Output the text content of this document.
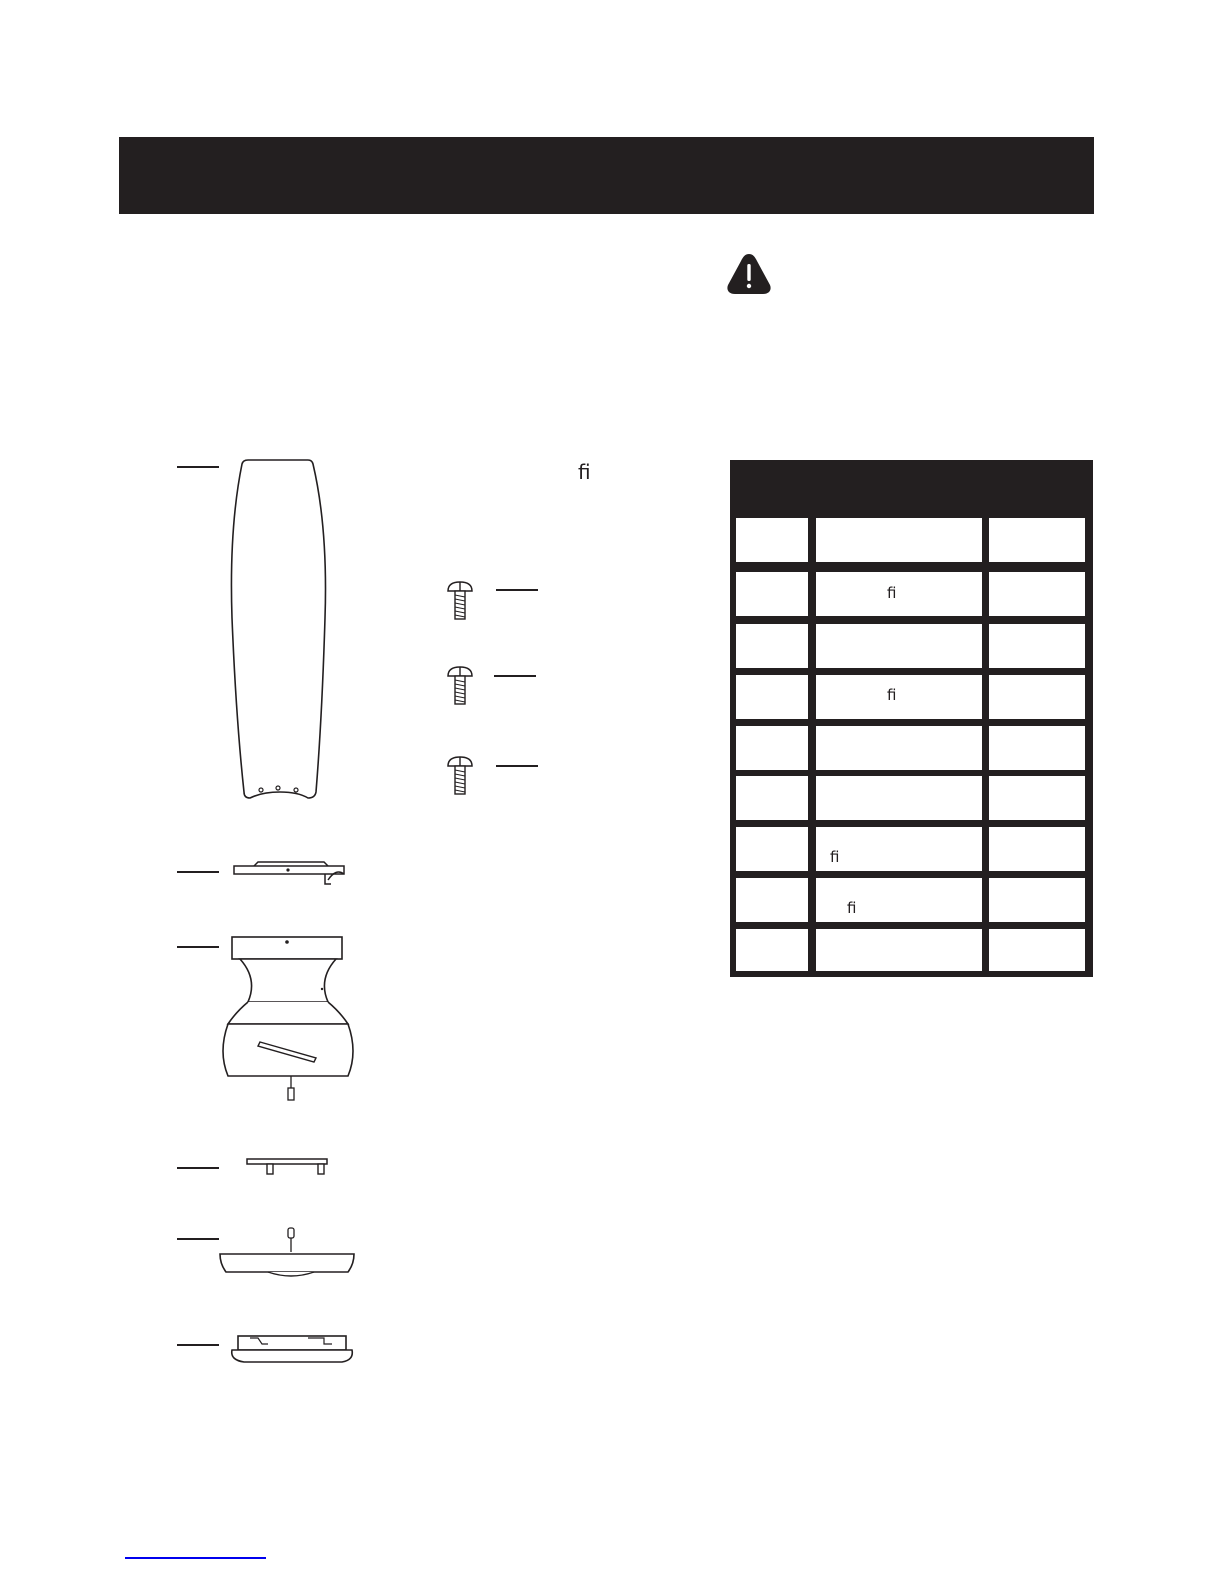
ﬁ
ﬁ
ﬁ
ﬁ
ﬁ
